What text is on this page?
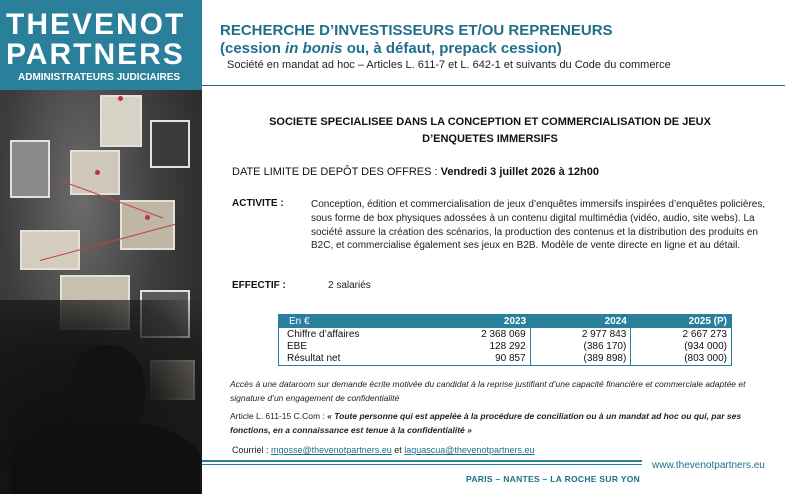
THEVENOT
PARTNERS
ADMINISTRATEURS JUDICIAIRES
RECHERCHE D’INVESTISSEURS ET/OU REPRENEURS
(cession in bonis ou, à défaut, prepack cession)
Société en mandat ad hoc – Articles L. 611-7 et L. 642-1 et suivants du Code du commerce
SOCIETE SPECIALISEE DANS LA CONCEPTION ET COMMERCIALISATION DE JEUX
D’ENQUETES IMMERSIFS
DATE LIMITE DE DEPÔT DES OFFRES : Vendredi 3 juillet 2026 à 12h00
ACTIVITE :	Conception, édition et commercialisation de jeux d’enquêtes immersifs inspirées d’enquêtes policières, sous forme de box physiques adossées à un contenu digital multimédia (vidéo, audio, site webs). La société assure la création des scénarios, la production des contenus et la distribution des produits en B2C, et commercialise également ses jeux en B2B. Modèle de vente directe en ligne et au détail.
EFFECTIF :	2 salariés
En €	2023	2024	2025 (P)
Chiffre d’affaires	2 368 069	2 977 843	2 667 273
EBE	128 292	(386 170)	(934 000)
Résultat net	90 857	(389 898)	(803 000)
Accès à une dataroom sur demande écrite motivée du candidat à la reprise justifiant d’une capacité financière et commerciale adaptée et signature d’un engagement de confidentialité
Article L. 611-15 C.Com : « Toute personne qui est appelée à la procédure de conciliation ou à un mandat ad hoc ou qui, par ses fonctions, en a connaissance est tenue à la confidentialité »
Courriel : mgosse@thevenotpartners.eu et laguascua@thevenotpartners.eu
www.thevenotpartners.eu
PARIS – NANTES – LA ROCHE SUR YON
